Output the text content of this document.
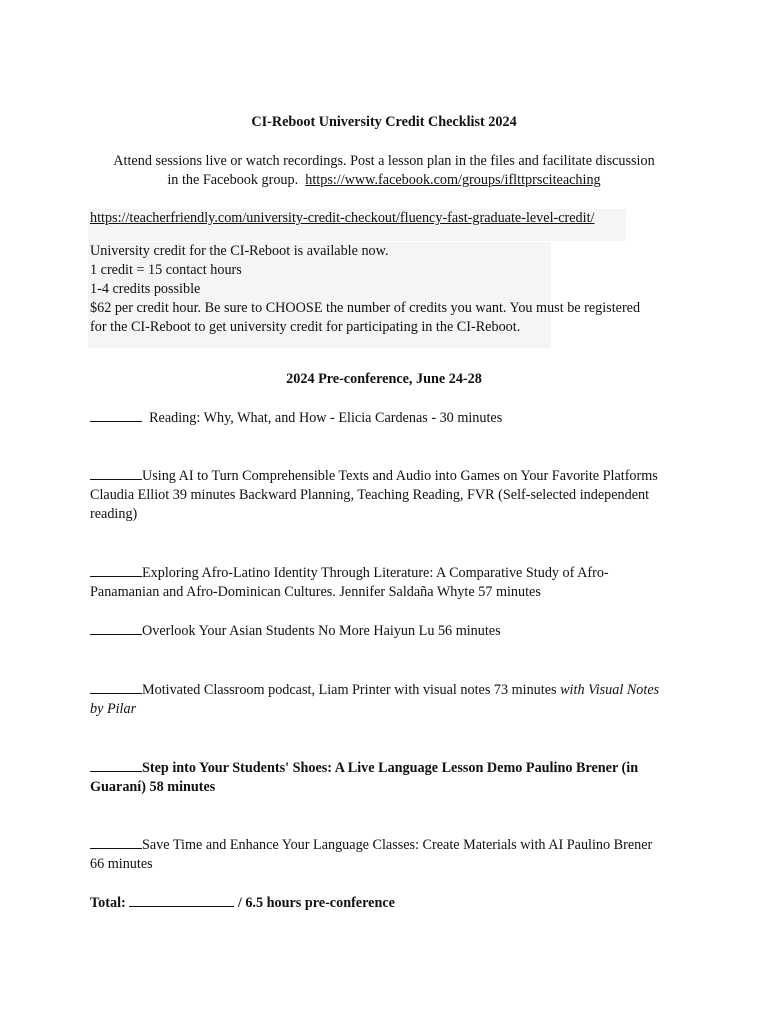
CI-Reboot University Credit Checklist 2024
Attend sessions live or watch recordings. Post a lesson plan in the files and facilitate discussion
in the Facebook group. https://www.facebook.com/groups/iflttprsciteaching
https://teacherfriendly.com/university-credit-checkout/fluency-fast-graduate-level-credit/
University credit for the CI-Reboot is available now.
1 credit = 15 contact hours
1-4 credits possible
$62 per credit hour. Be sure to CHOOSE the number of credits you want. You must be registered
for the CI-Reboot to get university credit for participating in the CI-Reboot.
2024 Pre-conference, June 24-28
Reading: Why, What, and How - Elicia Cardenas - 30 minutes
Using AI to Turn Comprehensible Texts and Audio into Games on Your Favorite Platforms Claudia Elliot 39 minutes Backward Planning, Teaching Reading, FVR (Self-selected independent reading)
Exploring Afro-Latino Identity Through Literature: A Comparative Study of Afro-Panamanian and Afro-Dominican Cultures. Jennifer Saldaña Whyte 57 minutes
Overlook Your Asian Students No More Haiyun Lu 56 minutes
Motivated Classroom podcast, Liam Printer with visual notes 73 minutes with Visual Notes by Pilar
Step into Your Students' Shoes: A Live Language Lesson Demo Paulino Brener (in Guaraní) 58 minutes
Save Time and Enhance Your Language Classes: Create Materials with AI Paulino Brener 66 minutes
Total:	/ 6.5 hours pre-conference
